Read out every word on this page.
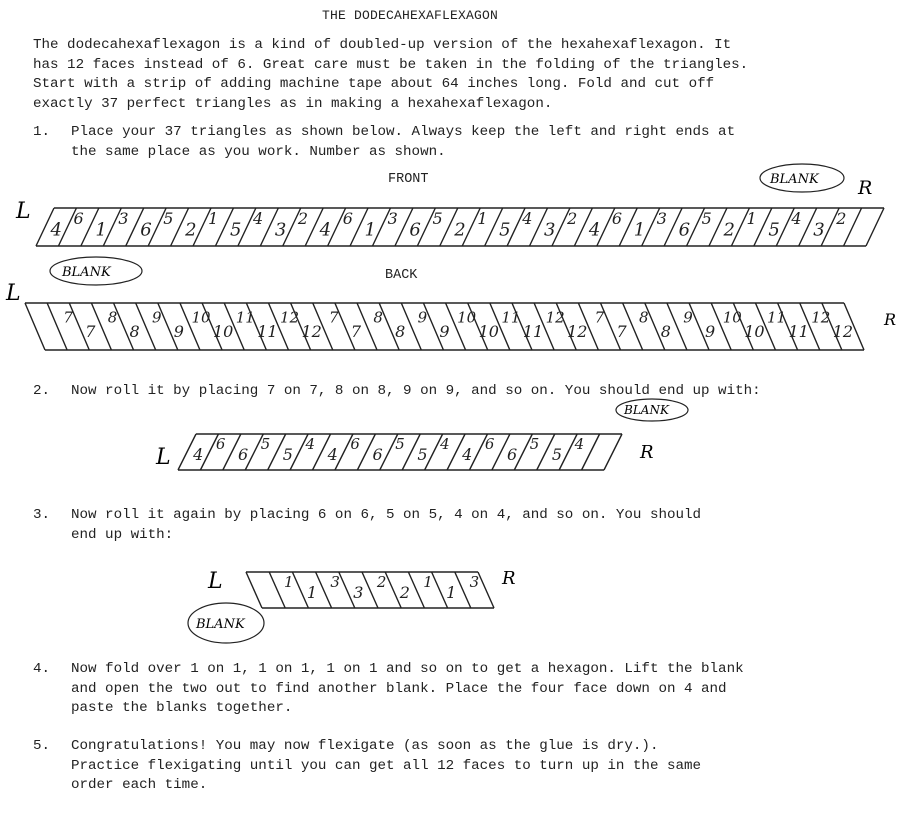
THE DODECAHEXAFLEXAGON
The dodecahexaflexagon is a kind of doubled-up version of the hexahexaflexagon. It
has 12 faces instead of 6. Great care must be taken in the folding of the triangles.
Start with a strip of adding machine tape about 64 inches long. Fold and cut off
exactly 37 perfect triangles as in making a hexahexaflexagon.
1.	Place your 37 triangles as shown below. Always keep the left and right ends at
the same place as you work. Number as shown.
FRONT
BACK
4
6
1
3
6
5
2
1
5
4
3
2
4
6
1
3
6
5
2
1
5
4
3
2
4
6
1
3
6
5
2
1
5
4
3
2
L
R
BLANK
7
7
8
8
9
9
10
10
11
11
12
12
7
7
8
8
9
9
10
10
11
11
12
12
7
7
8
8
9
9
10
10
11
11
12
12
BLANK
L
R
2.	Now roll it by placing 7 on 7, 8 on 8, 9 on 9, and so on. You should end up with:
4
6
6
5
5
4
4
6
6
5
5
4
4
6
6
5
5
4
BLANK
L	R
3.	Now roll it again by placing 6 on 6, 5 on 5, 4 on 4, and so on. You should
end up with:
1
1
3
3
2
2
1
1
3
L	R
BLANK
4.	Now fold over 1 on 1, 1 on 1, 1 on 1 and so on to get a hexagon. Lift the blank
and open the two out to find another blank. Place the four face down on 4 and
paste the blanks together.
5.	Congratulations! You may now flexigate (as soon as the glue is dry.).
Practice flexigating until you can get all 12 faces to turn up in the same
order each time.
